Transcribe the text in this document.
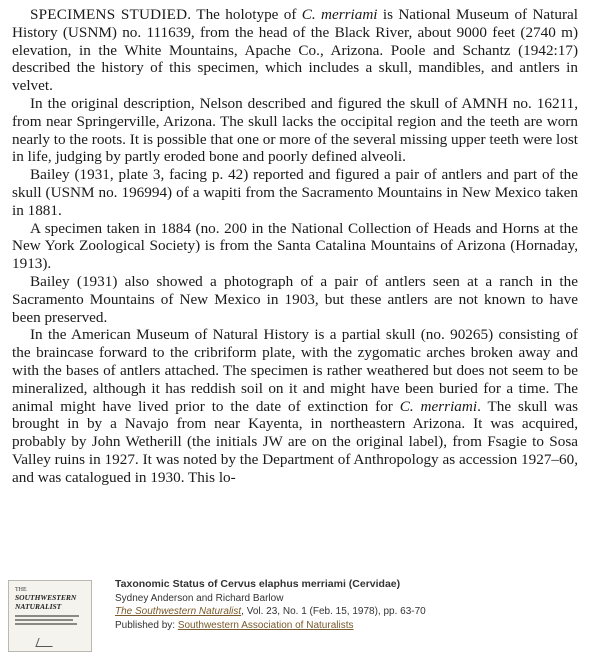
SPECIMENS STUDIED. The holotype of C. merriami is National Museum of Natural History (USNM) no. 111639, from the head of the Black River, about 9000 feet (2740 m) elevation, in the White Mountains, Apache Co., Arizona. Poole and Schantz (1942:17) described the history of this specimen, which includes a skull, mandibles, and antlers in velvet.

In the original description, Nelson described and figured the skull of AMNH no. 16211, from near Springerville, Arizona. The skull lacks the occipital region and the teeth are worn nearly to the roots. It is possible that one or more of the several missing upper teeth were lost in life, judging by partly eroded bone and poorly defined alveoli.

Bailey (1931, plate 3, facing p. 42) reported and figured a pair of antlers and part of the skull (USNM no. 196994) of a wapiti from the Sacramento Mountains in New Mexico taken in 1881.

A specimen taken in 1884 (no. 200 in the National Collection of Heads and Horns at the New York Zoological Society) is from the Santa Catalina Mountains of Arizona (Hornaday, 1913).

Bailey (1931) also showed a photograph of a pair of antlers seen at a ranch in the Sacramento Mountains of New Mexico in 1903, but these antlers are not known to have been preserved.

In the American Museum of Natural History is a partial skull (no. 90265) consisting of the braincase forward to the cribriform plate, with the zygomatic arches broken away and with the bases of antlers attached. The specimen is rather weathered but does not seem to be mineralized, although it has reddish soil on it and might have been buried for a time. The animal might have lived prior to the date of extinction for C. merriami. The skull was brought in by a Navajo from near Kayenta, in northeastern Arizona. It was acquired, probably by John Wetherill (the initials JW are on the original label), from Fsagie to Sosa Valley ruins in 1927. It was noted by the Department of Anthropology as accession 1927–60, and was catalogued in 1930. This lo-

THE
SOUTHWESTERN NATURALIST
Taxonomic Status of Cervus elaphus merriami (Cervidae)
Sydney Anderson and Richard Barlow
The Southwestern Naturalist, Vol. 23, No. 1 (Feb. 15, 1978), pp. 63-70
Published by: Southwestern Association of Naturalists
